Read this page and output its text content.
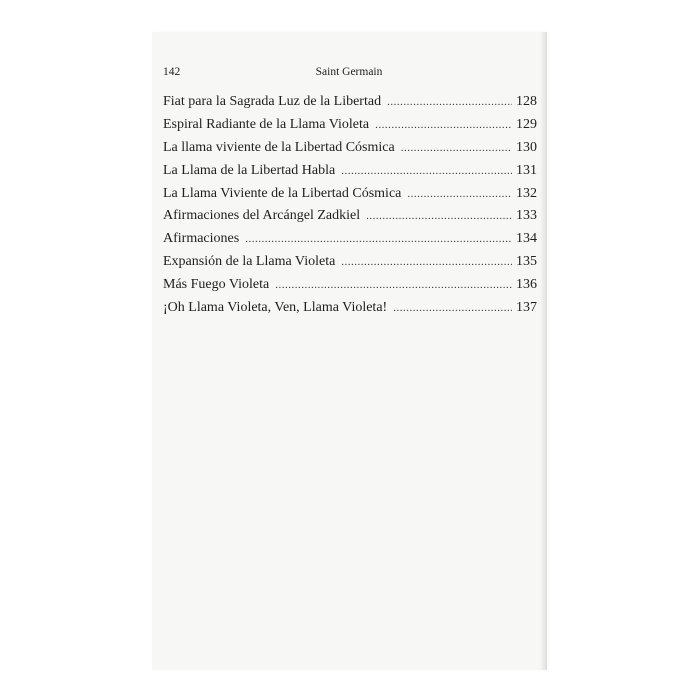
142	Saint Germain
Fiat para la Sagrada Luz de la Libertad .....	128
Espiral Radiante de la Llama Violeta .....	129
La llama viviente de la Libertad Cósmica .....	130
La Llama de la Libertad Habla .....	131
La Llama Viviente de la Libertad Cósmica .....	132
Afirmaciones del Arcángel Zadkiel .....	133
Afirmaciones .....	134
Expansión de la Llama Violeta .....	135
Más Fuego Violeta .....	136
¡Oh Llama Violeta, Ven, Llama Violeta! .....	137
